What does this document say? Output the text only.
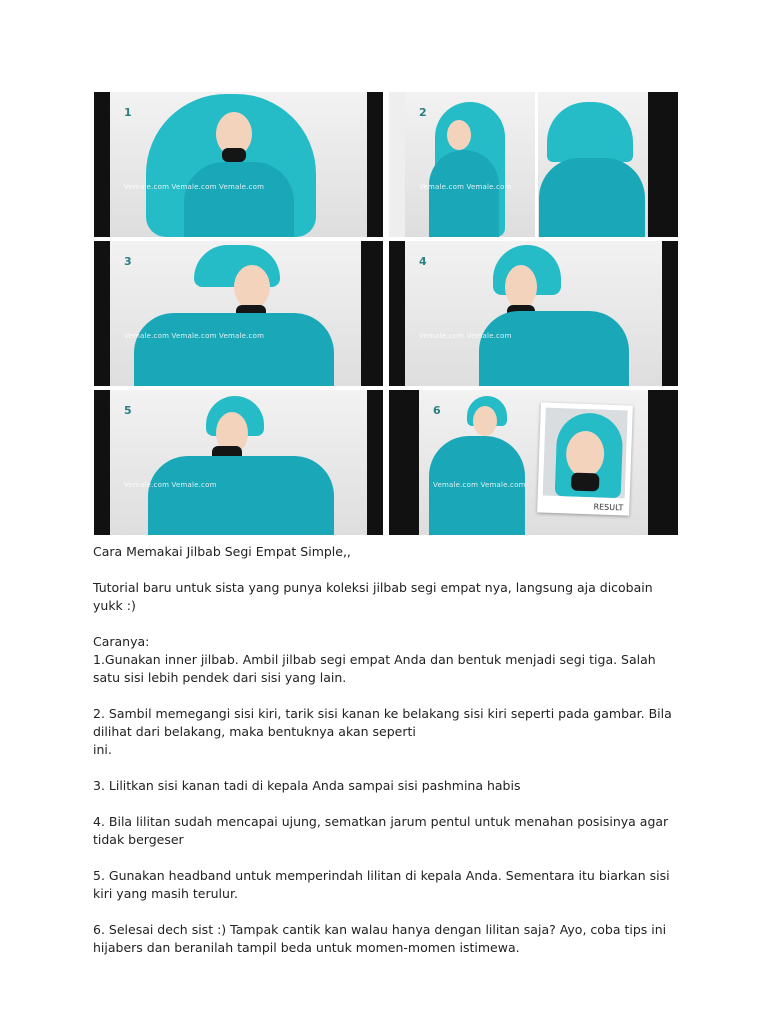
1
Vemale.com Vemale.com Vemale.com
2
Vemale.com Vemale.com
3
Vemale.com Vemale.com Vemale.com
4
Vemale.com Vemale.com
5
Vemale.com Vemale.com
RESULT
6
Vemale.com Vemale.com

Cara Memakai Jilbab Segi Empat Simple,,

Tutorial baru untuk sista yang punya koleksi jilbab segi empat nya, langsung aja dicobain yukk :)

Caranya:

1.Gunakan inner jilbab. Ambil jilbab segi empat Anda dan bentuk menjadi segi tiga. Salah satu sisi lebih pendek dari sisi yang lain.

2. Sambil memegangi sisi kiri, tarik sisi kanan ke belakang sisi kiri seperti pada gambar. Bila dilihat dari belakang, maka bentuknya akan seperti

ini.

3. Lilitkan sisi kanan tadi di kepala Anda sampai sisi pashmina habis

4. Bila lilitan sudah mencapai ujung, sematkan jarum pentul untuk menahan posisinya agar tidak bergeser

5. Gunakan headband untuk memperindah lilitan di kepala Anda. Sementara itu biarkan sisi kiri yang masih terulur.

6. Selesai dech sist :) Tampak cantik kan walau hanya dengan lilitan saja? Ayo, coba tips ini hijabers dan beranilah tampil beda untuk momen-momen istimewa.
